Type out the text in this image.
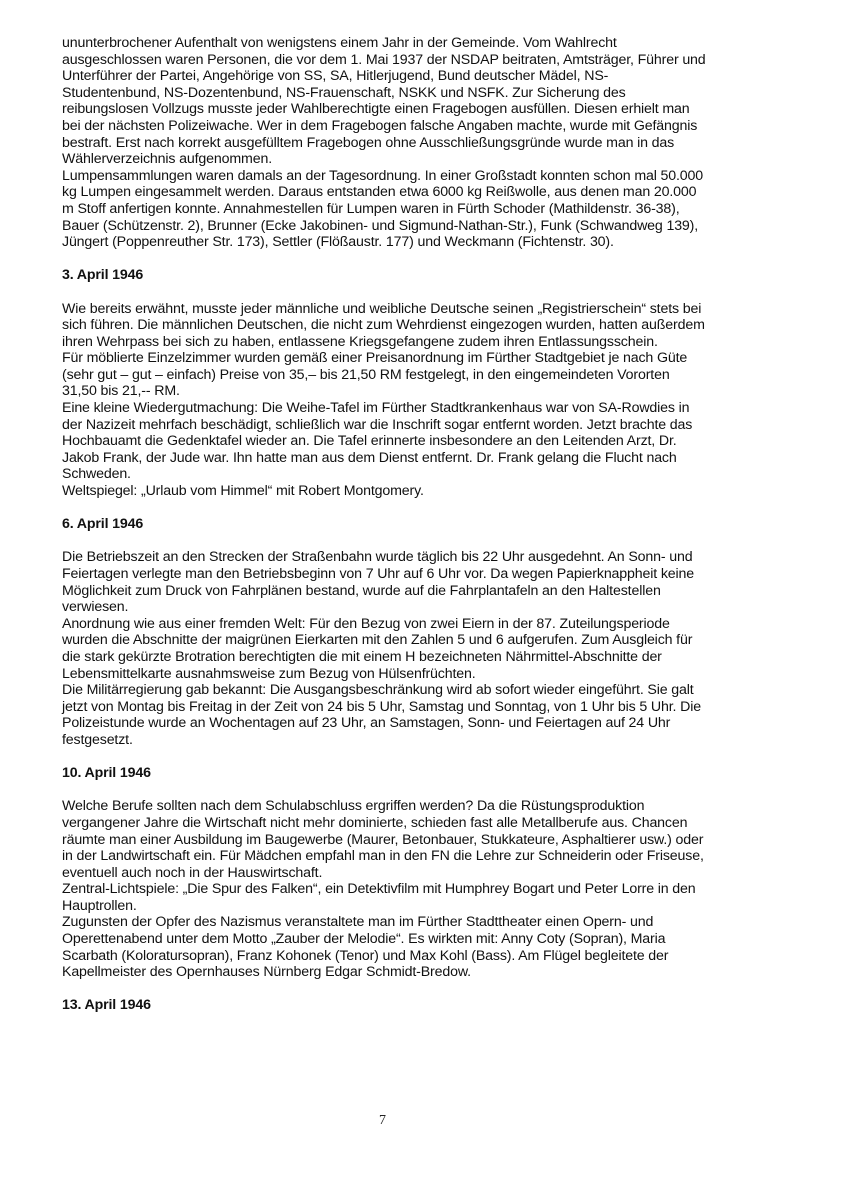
ununterbrochener Aufenthalt von wenigstens einem Jahr in der Gemeinde. Vom Wahlrecht
ausgeschlossen waren Personen, die vor dem 1. Mai 1937 der NSDAP beitraten, Amtsträger, Führer und
Unterführer der Partei, Angehörige von SS, SA, Hitlerjugend, Bund deutscher Mädel, NS-
Studentenbund, NS-Dozentenbund, NS-Frauenschaft, NSKK und NSFK. Zur Sicherung des
reibungslosen Vollzugs musste jeder Wahlberechtigte einen Fragebogen ausfüllen. Diesen erhielt man
bei der nächsten Polizeiwache. Wer in dem Fragebogen falsche Angaben machte, wurde mit Gefängnis
bestraft. Erst nach korrekt ausgefülltem Fragebogen ohne Ausschließungsgründe wurde man in das
Wählerverzeichnis aufgenommen.
Lumpensammlungen waren damals an der Tagesordnung. In einer Großstadt konnten schon mal 50.000
kg Lumpen eingesammelt werden. Daraus entstanden etwa 6000 kg Reißwolle, aus denen man 20.000
m Stoff anfertigen konnte. Annahmestellen für Lumpen waren in Fürth Schoder (Mathildenstr. 36-38),
Bauer (Schützenstr. 2), Brunner (Ecke Jakobinen- und Sigmund-Nathan-Str.), Funk (Schwandweg 139),
Jüngert (Poppenreuther Str. 173), Settler (Flößaustr. 177) und Weckmann (Fichtenstr. 30).
3. April 1946
Wie bereits erwähnt, musste jeder männliche und weibliche Deutsche seinen „Registrierschein“ stets bei
sich führen. Die männlichen Deutschen, die nicht zum Wehrdienst eingezogen wurden, hatten außerdem
ihren Wehrpass bei sich zu haben, entlassene Kriegsgefangene zudem ihren Entlassungsschein.
Für möblierte Einzelzimmer wurden gemäß einer Preisanordnung im Fürther Stadtgebiet je nach Güte
(sehr gut – gut – einfach) Preise von 35,– bis 21,50 RM festgelegt, in den eingemeindeten Vororten
31,50 bis 21,-- RM.
Eine kleine Wiedergutmachung: Die Weihe-Tafel im Fürther Stadtkrankenhaus war von SA-Rowdies in
der Nazizeit mehrfach beschädigt, schließlich war die Inschrift sogar entfernt worden. Jetzt brachte das
Hochbauamt die Gedenktafel wieder an. Die Tafel erinnerte insbesondere an den Leitenden Arzt, Dr.
Jakob Frank, der Jude war. Ihn hatte man aus dem Dienst entfernt. Dr. Frank gelang die Flucht nach
Schweden.
Weltspiegel: „Urlaub vom Himmel“ mit Robert Montgomery.
6. April 1946
Die Betriebszeit an den Strecken der Straßenbahn wurde täglich bis 22 Uhr ausgedehnt. An Sonn- und
Feiertagen verlegte man den Betriebsbeginn von 7 Uhr auf 6 Uhr vor. Da wegen Papierknappheit keine
Möglichkeit zum Druck von Fahrplänen bestand, wurde auf die Fahrplantafeln an den Haltestellen
verwiesen.
Anordnung wie aus einer fremden Welt: Für den Bezug von zwei Eiern in der 87. Zuteilungsperiode
wurden die Abschnitte der maigrünen Eierkarten mit den Zahlen 5 und 6 aufgerufen. Zum Ausgleich für
die stark gekürzte Brotration berechtigten die mit einem H bezeichneten Nährmittel-Abschnitte der
Lebensmittelkarte ausnahmsweise zum Bezug von Hülsenfrüchten.
Die Militärregierung gab bekannt: Die Ausgangsbeschränkung wird ab sofort wieder eingeführt. Sie galt
jetzt von Montag bis Freitag in der Zeit von 24 bis 5 Uhr, Samstag und Sonntag, von 1 Uhr bis 5 Uhr. Die
Polizeistunde wurde an Wochentagen auf 23 Uhr, an Samstagen, Sonn- und Feiertagen auf 24 Uhr
festgesetzt.
10. April 1946
Welche Berufe sollten nach dem Schulabschluss ergriffen werden? Da die Rüstungsproduktion
vergangener Jahre die Wirtschaft nicht mehr dominierte, schieden fast alle Metallberufe aus. Chancen
räumte man einer Ausbildung im Baugewerbe (Maurer, Betonbauer, Stukkateure, Asphaltierer usw.) oder
in der Landwirtschaft ein. Für Mädchen empfahl man in den FN die Lehre zur Schneiderin oder Friseuse,
eventuell auch noch in der Hauswirtschaft.
Zentral-Lichtspiele: „Die Spur des Falken“, ein Detektivfilm mit Humphrey Bogart und Peter Lorre in den
Hauptrollen.
Zugunsten der Opfer des Nazismus veranstaltete man im Fürther Stadttheater einen Opern- und
Operettenabend unter dem Motto „Zauber der Melodie“. Es wirkten mit: Anny Coty (Sopran), Maria
Scarbath (Koloratursopran), Franz Kohonek (Tenor) und Max Kohl (Bass). Am Flügel begleitete der
Kapellmeister des Opernhauses Nürnberg Edgar Schmidt-Bredow.
13. April 1946
7
